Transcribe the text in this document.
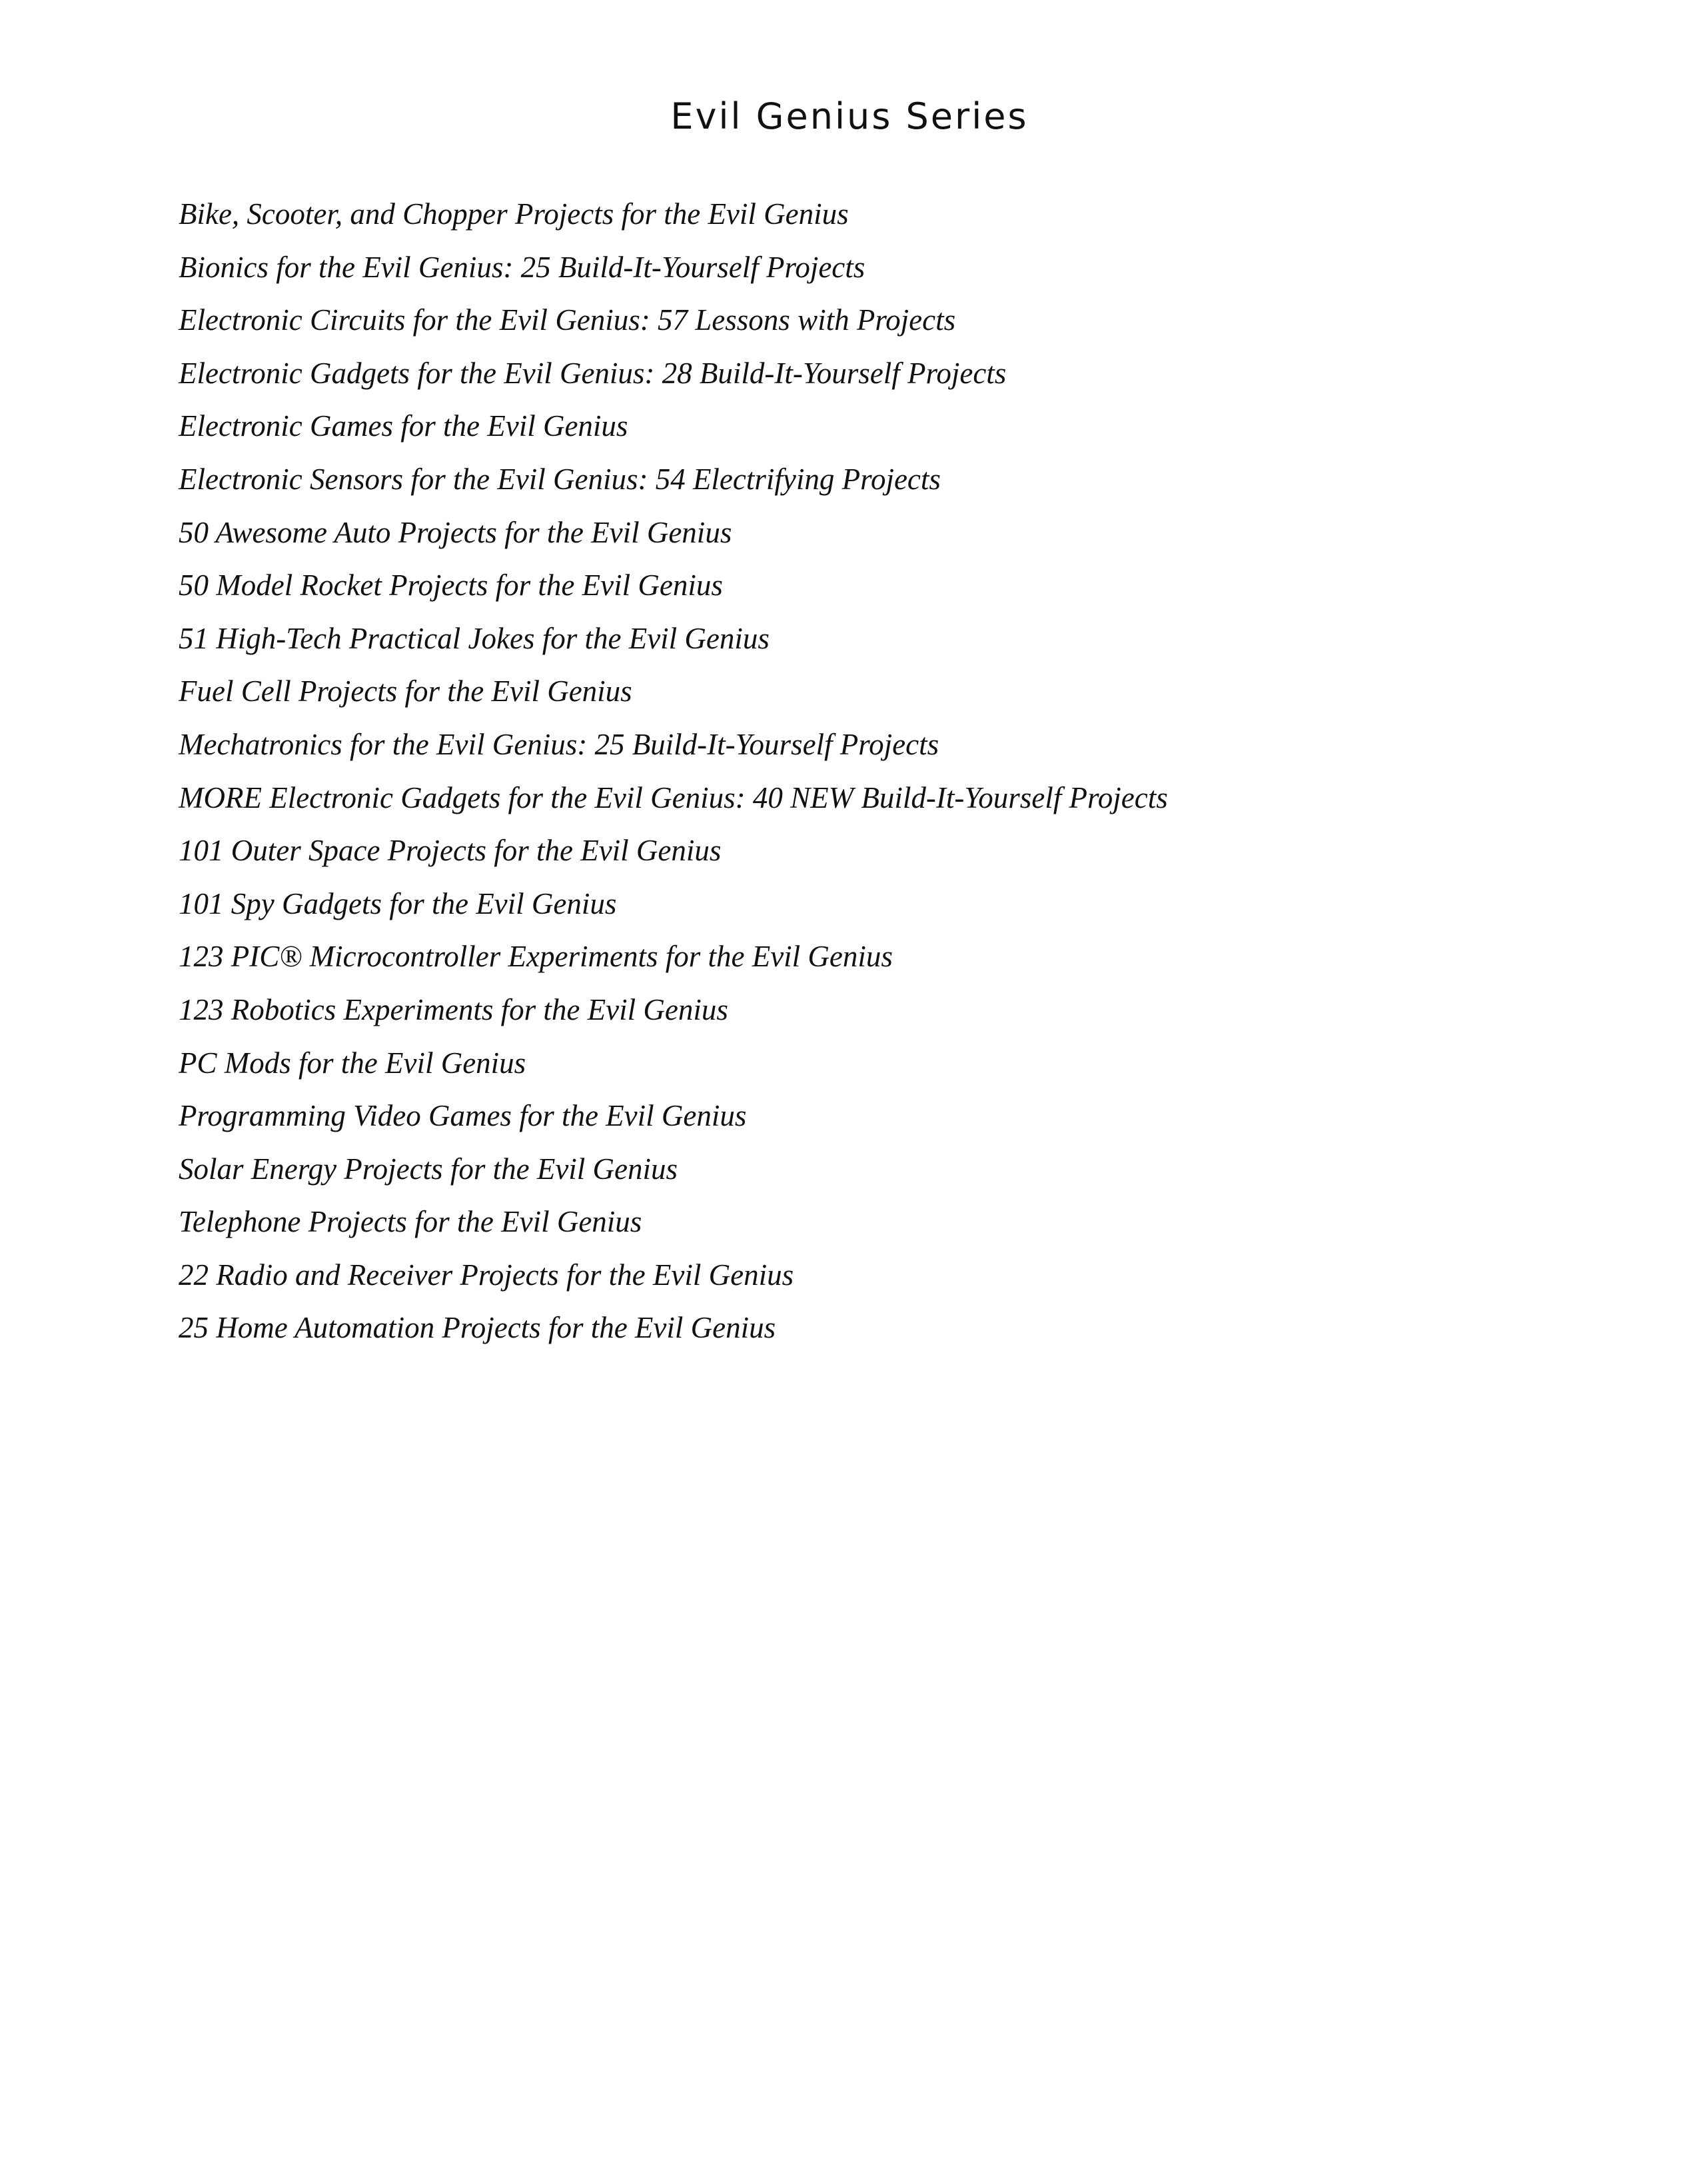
Evil Genius Series
Bike, Scooter, and Chopper Projects for the Evil Genius
Bionics for the Evil Genius: 25 Build-It-Yourself Projects
Electronic Circuits for the Evil Genius: 57 Lessons with Projects
Electronic Gadgets for the Evil Genius: 28 Build-It-Yourself Projects
Electronic Games for the Evil Genius
Electronic Sensors for the Evil Genius: 54 Electrifying Projects
50 Awesome Auto Projects for the Evil Genius
50 Model Rocket Projects for the Evil Genius
51 High-Tech Practical Jokes for the Evil Genius
Fuel Cell Projects for the Evil Genius
Mechatronics for the Evil Genius: 25 Build-It-Yourself Projects
MORE Electronic Gadgets for the Evil Genius: 40 NEW Build-It-Yourself Projects
101 Outer Space Projects for the Evil Genius
101 Spy Gadgets for the Evil Genius
123 PIC® Microcontroller Experiments for the Evil Genius
123 Robotics Experiments for the Evil Genius
PC Mods for the Evil Genius
Programming Video Games for the Evil Genius
Solar Energy Projects for the Evil Genius
Telephone Projects for the Evil Genius
22 Radio and Receiver Projects for the Evil Genius
25 Home Automation Projects for the Evil Genius
